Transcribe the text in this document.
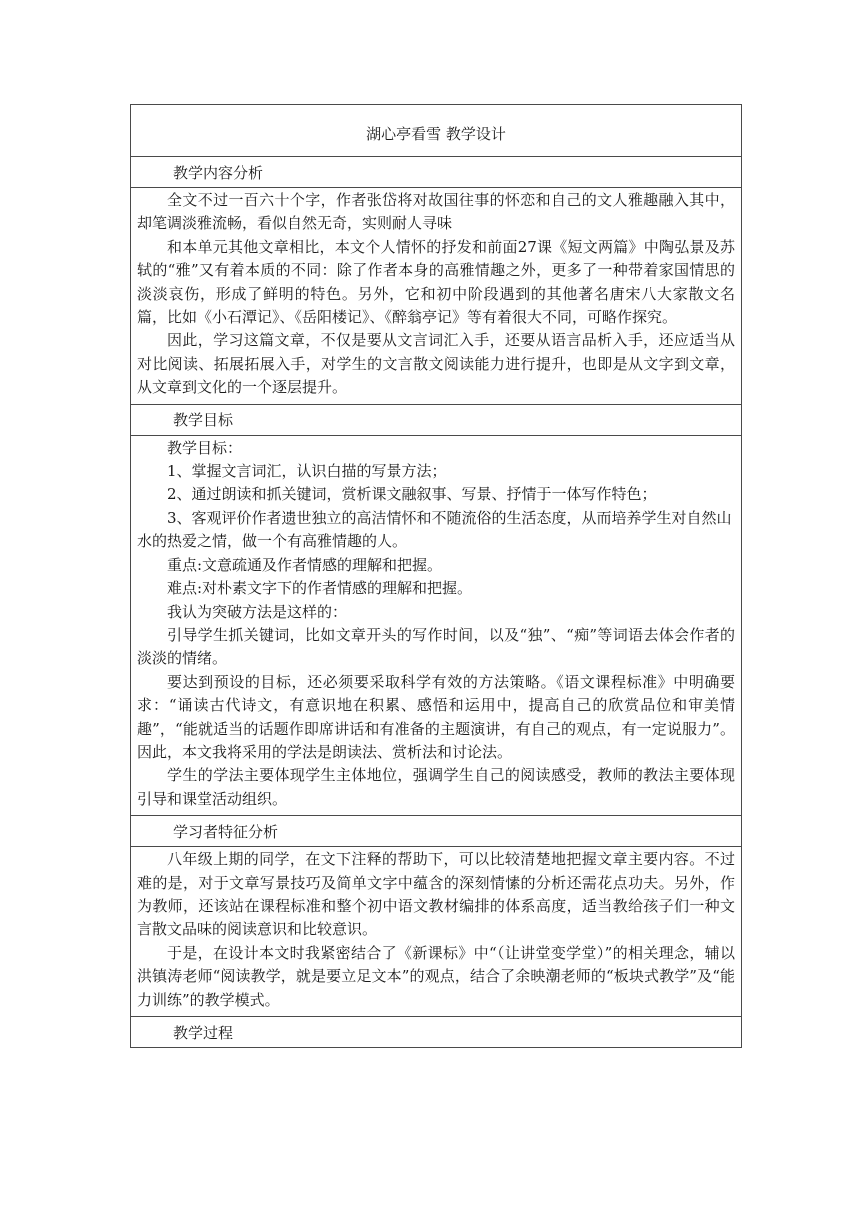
湖心亭看雪 教学设计
教学内容分析

全文不过一百六十个字，作者张岱将对故国往事的怀恋和自己的文人雅趣融入其中，却笔调淡雅流畅，看似自然无奇，实则耐人寻味

和本单元其他文章相比，本文个人情怀的抒发和前面27课《短文两篇》中陶弘景及苏轼的“雅”又有着本质的不同：除了作者本身的高雅情趣之外，更多了一种带着家国情思的淡淡哀伤，形成了鲜明的特色。另外，它和初中阶段遇到的其他著名唐宋八大家散文名篇，比如《小石潭记》、《岳阳楼记》、《醉翁亭记》等有着很大不同，可略作探究。

因此，学习这篇文章，不仅是要从文言词汇入手，还要从语言品析入手，还应适当从对比阅读、拓展拓展入手，对学生的文言散文阅读能力进行提升，也即是从文字到文章，从文章到文化的一个逐层提升。

教学目标

教学目标：

1、掌握文言词汇，认识白描的写景方法；

2、通过朗读和抓关键词，赏析课文融叙事、写景、抒情于一体写作特色；

3、客观评价作者遗世独立的高洁情怀和不随流俗的生活态度，从而培养学生对自然山水的热爱之情，做一个有高雅情趣的人。

重点:文意疏通及作者情感的理解和把握。

难点:对朴素文字下的作者情感的理解和把握。

我认为突破方法是这样的：

引导学生抓关键词，比如文章开头的写作时间，以及“独”、“痴”等词语去体会作者的淡淡的情绪。

要达到预设的目标，还必须要采取科学有效的方法策略。《语文课程标准》中明确要求：“诵读古代诗文，有意识地在积累、感悟和运用中，提高自己的欣赏品位和审美情趣”，“能就适当的话题作即席讲话和有准备的主题演讲，有自己的观点，有一定说服力”。因此，本文我将采用的学法是朗读法、赏析法和讨论法。

学生的学法主要体现学生主体地位，强调学生自己的阅读感受，教师的教法主要体现引导和课堂活动组织。

学习者特征分析

八年级上期的同学，在文下注释的帮助下，可以比较清楚地把握文章主要内容。不过难的是，对于文章写景技巧及简单文字中蕴含的深刻情愫的分析还需花点功夫。另外，作为教师，还该站在课程标准和整个初中语文教材编排的体系高度，适当教给孩子们一种文言散文品味的阅读意识和比较意识。

于是，在设计本文时我紧密结合了《新课标》中“（让讲堂变学堂）”的相关理念，辅以洪镇涛老师“阅读教学，就是要立足文本”的观点，结合了余映潮老师的“板块式教学”及“能力训练”的教学模式。

教学过程
